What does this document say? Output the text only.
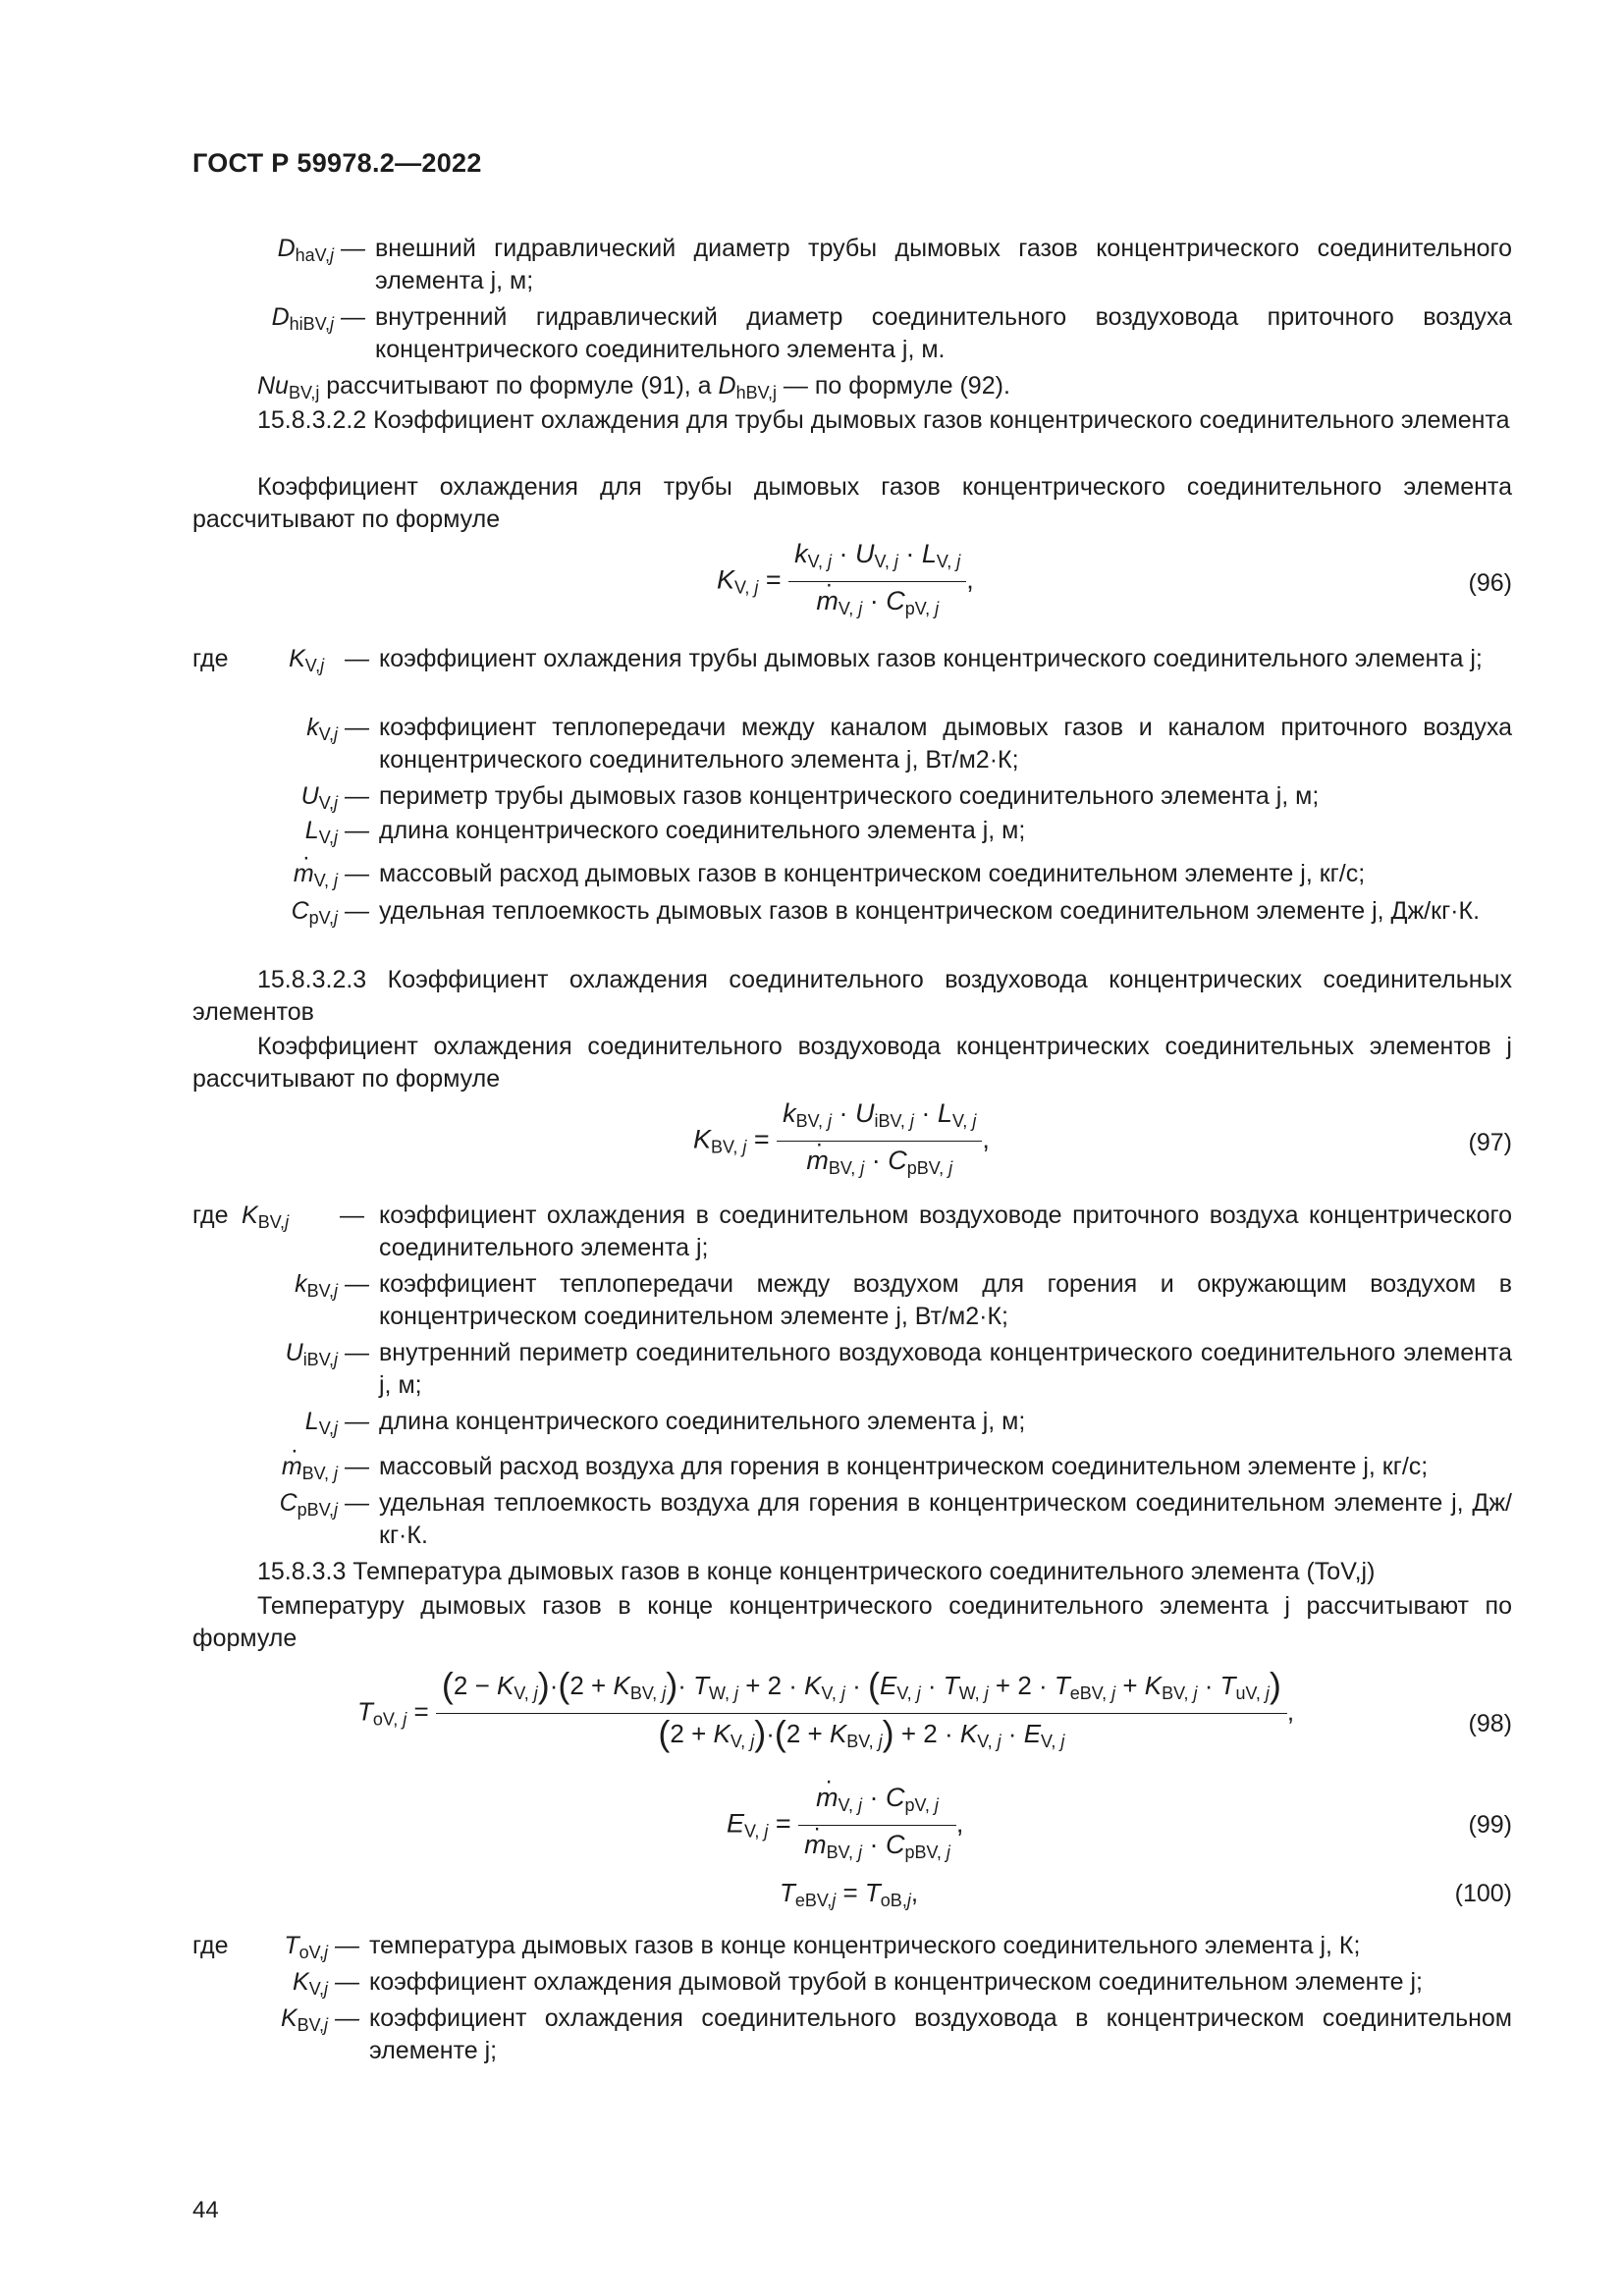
ГОСТ Р 59978.2—2022
$D_{haV,j}$ — внешний гидравлический диаметр трубы дымовых газов концентрического соединительного элемента j, м;
$D_{hiBV,j}$ — внутренний гидравлический диаметр соединительного воздуховода приточного воздуха концентрического соединительного элемента j, м.
$Nu_{BV,j}$ рассчитывают по формуле (91), а $D_{hBV,j}$ — по формуле (92).
15.8.3.2.2 Коэффициент охлаждения для трубы дымовых газов концентрического соединительного элемента
Коэффициент охлаждения для трубы дымовых газов концентрического соединительного элемента рассчитывают по формуле
$K_{V, j} = k_{V, j} \cdot U_{V, j} \cdot L_{V, j}$
· $m_{V, j} \cdot C_{pV, j}$ ,	(96)
где	$K_{V,j}$   — коэффициент охлаждения трубы дымовых газов концентрического соединительного элемента j;
$k_{V,j}$ — коэффициент теплопередачи между каналом дымовых газов и каналом приточного воздуха концентрического соединительного элемента j, Вт/м2·К;
$U_{V,j}$ — периметр трубы дымовых газов концентрического соединительного элемента j, м;
$L_{V,j}$ — длина концентрического соединительного элемента j, м;
· $m_{V, j}$ — массовый расход дымовых газов в концентрическом соединительном элементе j, кг/с;
$C_{pV,j}$ — удельная теплоемкость дымовых газов в концентрическом соединительном элементе j, Дж/кг·К.
15.8.3.2.3 Коэффициент охлаждения соединительного воздуховода концентрических соединительных элементов
Коэффициент охлаждения соединительного воздуховода концентрических соединительных элементов j рассчитывают по формуле
$K_{BV, j} = k_{BV, j} \cdot U_{iBV, j} \cdot L_{V, j}$
· $m_{BV, j} \cdot C_{pBV, j}$ ,	(97)
где $K_{BV,j}$	— коэффициент охлаждения в соединительном воздуховоде приточного воздуха концентрического соединительного элемента j;
$k_{BV,j}$ — коэффициент теплопередачи между воздухом для горения и окружающим воздухом в концентрическом соединительном элементе j, Вт/м2·К;
$U_{iBV,j}$ — внутренний периметр соединительного воздуховода концентрического соединительного элемента j, м;
$L_{V,j}$ — длина концентрического соединительного элемента j, м;
· $m_{BV, j}$ — массовый расход воздуха для горения в концентрическом соединительном элементе j, кг/с;
$C_{pBV,j}$ — удельная теплоемкость воздуха для горения в концентрическом соединительном элементе j, Дж/кг·К.
15.8.3.3 Температура дымовых газов в конце концентрического соединительного элемента (ToV,j)
Температуру дымовых газов в конце концентрического соединительного элемента j рассчитывают по формуле
$T_{oV, j}$ =
$(2 - K_{V, j})\cdot(2 + K_{BV, j})\cdot T_{W, j} + 2 \cdot K_{V, j} \cdot (E_{V, j} \cdot T_{W, j} + 2 \cdot T_{eBV, j} + K_{BV, j} \cdot T_{uV, j})$
$(2 + K_{V, j})\cdot(2 + K_{BV, j}) + 2 \cdot K_{V, j} \cdot E_{V, j}$
,	(98)
$E_{V, j}$ =
· $m_{V, j} \cdot C_{pV, j}$
· $m_{BV, j} \cdot C_{pBV, j}$ ,	(99)
$T_{eBV,j} = T_{oB,j}$,	(100)
где	$T_{oV,j}$ — температура дымовых газов в конце концентрического соединительного элемента j, К;
$K_{V,j}$ — коэффициент охлаждения дымовой трубой в концентрическом соединительном элементе j;
$K_{BV,j}$ — коэффициент охлаждения соединительного воздуховода в концентрическом соединительном элементе j;
44
